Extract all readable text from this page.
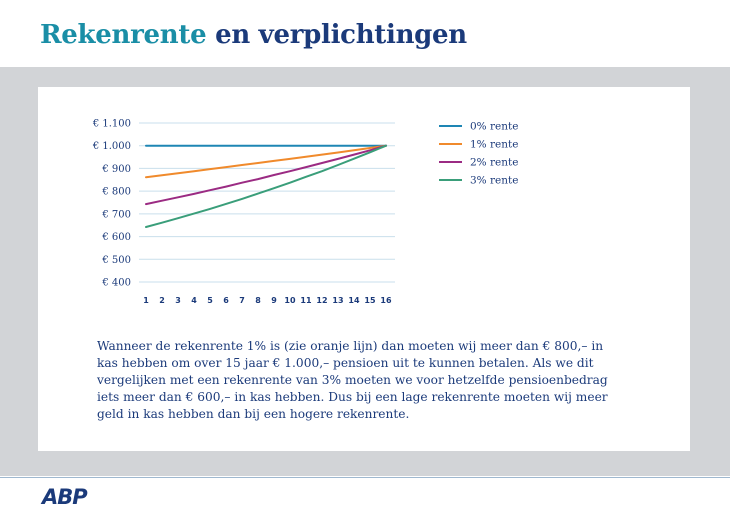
Rekenrente en verplichtingen
€ 400
€ 500
€ 600
€ 700
€ 800
€ 900
€ 1.000
€ 1.100
1 2 3 4 5 6 7 8 9 10 11 12 13 14 15 16
0% rente
1% rente
2% rente
3% rente

Wanneer de rekenrente 1% is (zie oranje lijn) dan moeten wij meer dan € 800,– in kas hebben om over 15 jaar € 1.000,– pensioen uit te kunnen betalen. Als we dit vergelijken met een rekenrente van 3% moeten we voor hetzelfde pensioenbedrag iets meer dan € 600,– in kas hebben. Dus bij een lage rekenrente moeten wij meer geld in kas hebben dan bij een hogere rekenrente.

ABP
